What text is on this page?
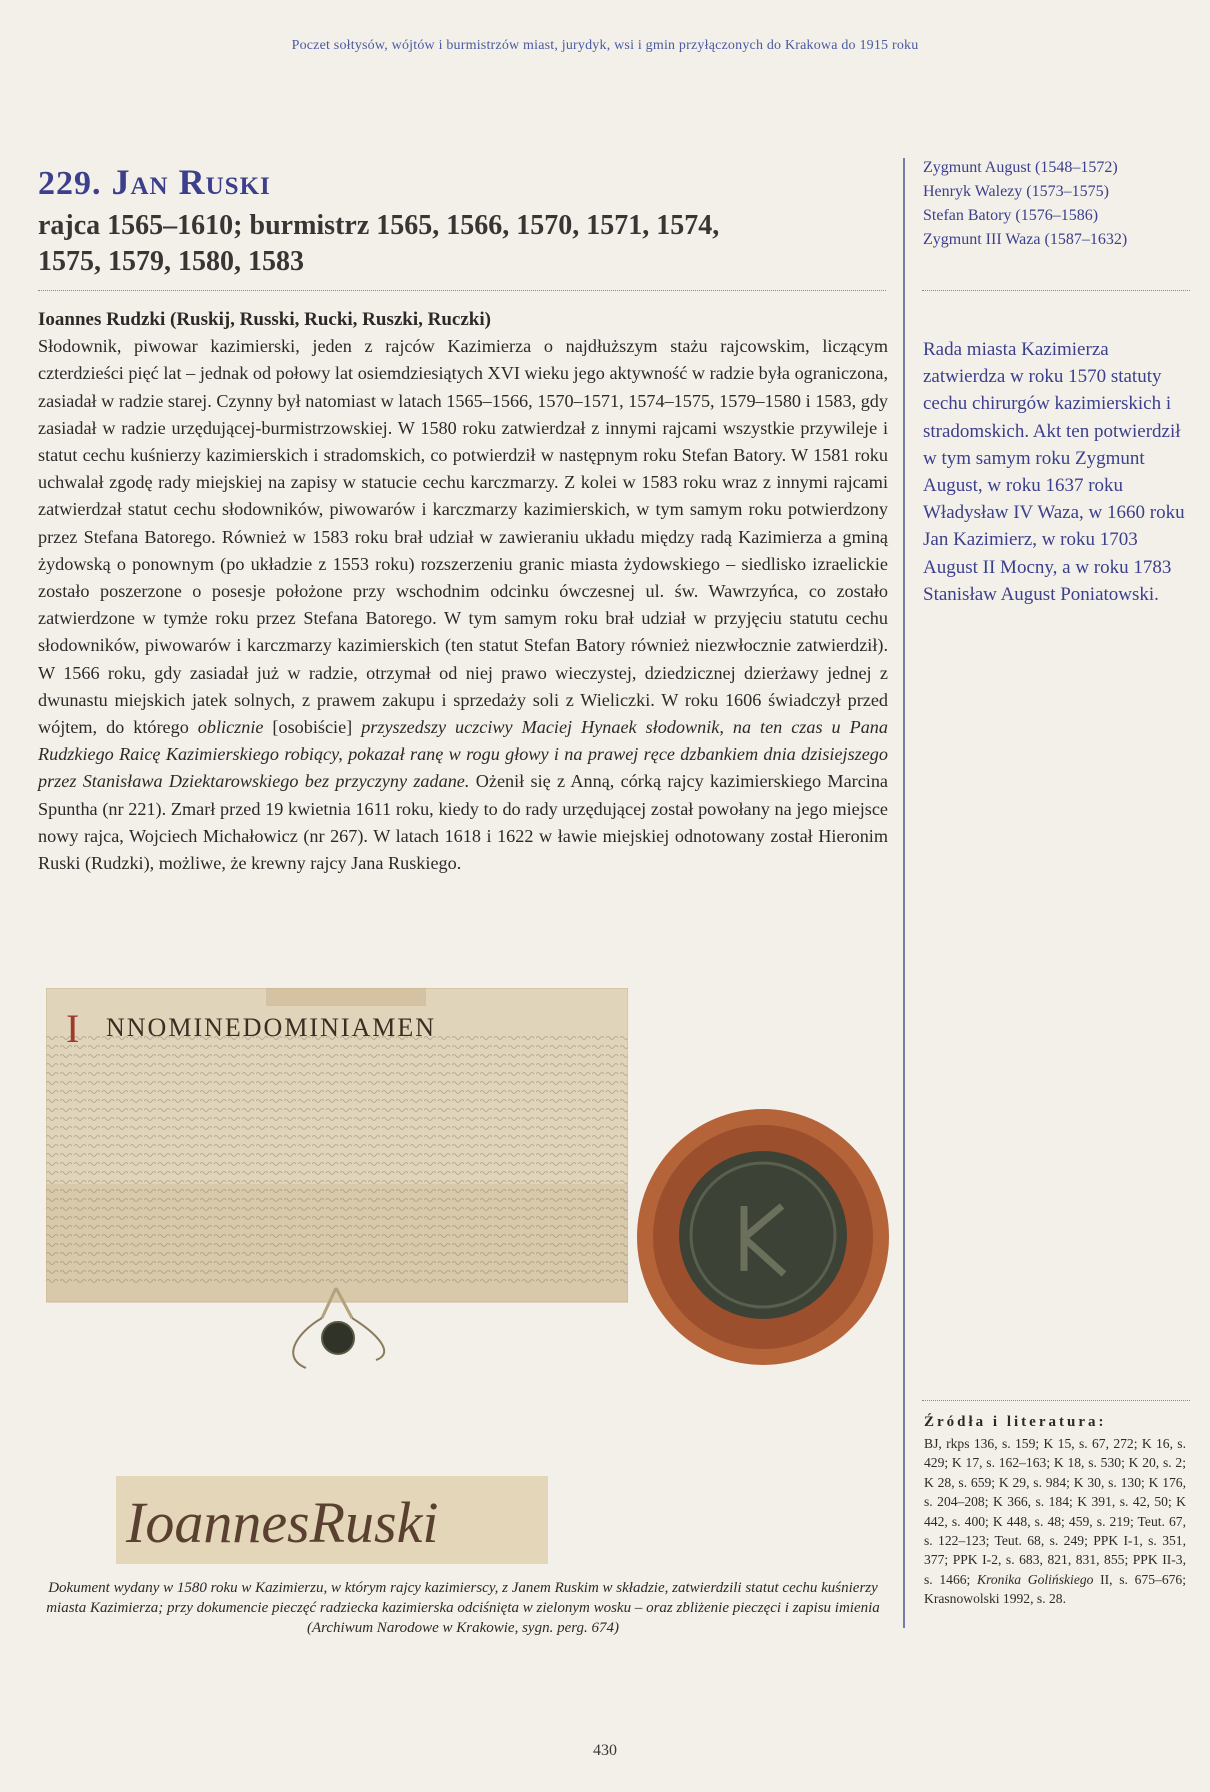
Poczet sołtysów, wójtów i burmistrzów miast, jurydyk, wsi i gmin przyłączonych do Krakowa do 1915 roku
229. Jan Ruski
rajca 1565–1610; burmistrz 1565, 1566, 1570, 1571, 1574,
1575, 1579, 1580, 1583
Zygmunt August (1548–1572)
Henryk Walezy (1573–1575)
Stefan Batory (1576–1586)
Zygmunt III Waza (1587–1632)
Ioannes Rudzki (Ruskij, Russki, Rucki, Ruszki, Ruczki)
Słodownik, piwowar kazimierski, jeden z rajców Kazimierza o najdłuższym stażu rajcowskim, liczącym czterdzieści pięć lat – jednak od połowy lat osiemdziesiątych XVI wieku jego aktywność w radzie była ograniczona, zasiadał w radzie starej. Czynny był natomiast w latach 1565–1566, 1570–1571, 1574–1575, 1579–1580 i 1583, gdy zasiadał w radzie urzędującej-burmistrzowskiej. W 1580 roku zatwierdzał z innymi rajcami wszystkie przywileje i statut cechu kuśnierzy kazimierskich i stradomskich, co potwierdził w następnym roku Stefan Batory. W 1581 roku uchwalał zgodę rady miejskiej na zapisy w statucie cechu karczmarzy. Z kolei w 1583 roku wraz z innymi rajcami zatwierdzał statut cechu słodowników, piwowarów i karczmarzy kazimierskich, w tym samym roku potwierdzony przez Stefana Batorego. Również w 1583 roku brał udział w zawieraniu układu między radą Kazimierza a gminą żydowską o ponownym (po układzie z 1553 roku) rozszerzeniu granic miasta żydowskiego – siedlisko izraelickie zostało poszerzone o posesje położone przy wschodnim odcinku ówczesnej ul. św. Wawrzyńca, co zostało zatwierdzone w tymże roku przez Stefana Batorego. W tym samym roku brał udział w przyjęciu statutu cechu słodowników, piwowarów i karczmarzy kazimierskich (ten statut Stefan Batory również niezwłocznie zatwierdził). W 1566 roku, gdy zasiadał już w radzie, otrzymał od niej prawo wieczystej, dziedzicznej dzierżawy jednej z dwunastu miejskich jatek solnych, z prawem zakupu i sprzedaży soli z Wieliczki. W roku 1606 świadczył przed wójtem, do którego oblicznie [osobiście] przyszedszy uczciwy Maciej Hynaek słodownik, na ten czas u Pana Rudzkiego Raicę Kazimierskiego robiący, pokazał ranę w rogu głowy i na prawej ręce dzbankiem dnia dzisiejszego przez Stanisława Dziektarowskiego bez przyczyny zadane. Ożenił się z Anną, córką rajcy kazimierskiego Marcina Spuntha (nr 221). Zmarł przed 19 kwietnia 1611 roku, kiedy to do rady urzędującej został powołany na jego miejsce nowy rajca, Wojciech Michałowicz (nr 267). W latach 1618 i 1622 w ławie miejskiej odnotowany został Hieronim Ruski (Rudzki), możliwe, że krewny rajcy Jana Ruskiego.
Rada miasta Kazimierza zatwierdza w roku 1570 statuty cechu chirurgów kazimierskich i stradomskich. Akt ten potwierdził w tym samym roku Zygmunt August, w roku 1637 roku Władysław IV Waza, w 1660 roku Jan Kazimierz, w roku 1703 August II Mocny, a w roku 1783 Stanisław August Poniatowski.
I NNOMINEDOMINIAMEN
IoannesRuski
Dokument wydany w 1580 roku w Kazimierzu, w którym rajcy kazimierscy, z Janem Ruskim w składzie, zatwierdzili statut cechu kuśnierzy miasta Kazimierza; przy dokumencie pieczęć radziecka kazimierska odciśnięta w zielonym wosku – oraz zbliżenie pieczęci i zapisu imienia (Archiwum Narodowe w Krakowie, sygn. perg. 674)
Źródła i literatura:
BJ, rkps 136, s. 159; K 15, s. 67, 272; K 16, s. 429; K 17, s. 162–163; K 18, s. 530; K 20, s. 2; K 28, s. 659; K 29, s. 984; K 30, s. 130; K 176, s. 204–208; K 366, s. 184; K 391, s. 42, 50; K 442, s. 400; K 448, s. 48; 459, s. 219; Teut. 67, s. 122–123; Teut. 68, s. 249; PPK I-1, s. 351, 377; PPK I-2, s. 683, 821, 831, 855; PPK II-3, s. 1466; Kronika Golińskiego II, s. 675–676; Krasnowolski 1992, s. 28.
430
